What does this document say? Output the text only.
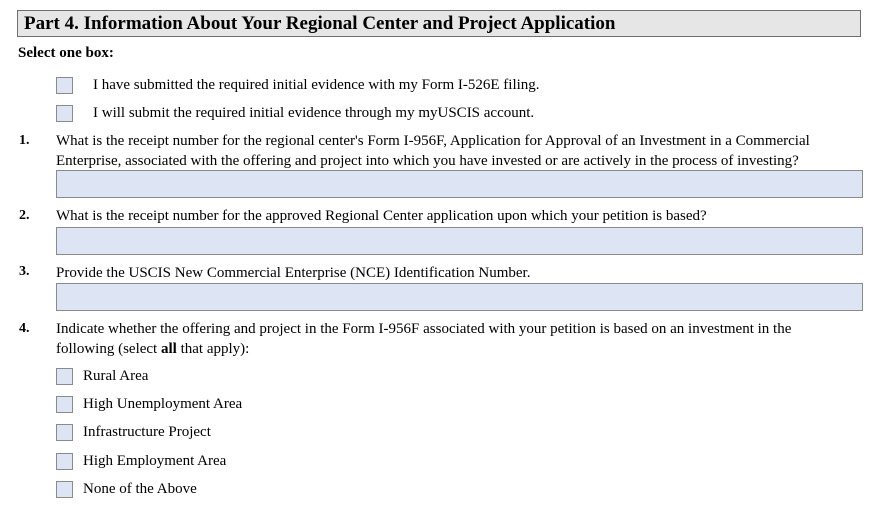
Part 4. Information About Your Regional Center and Project Application
Select one box:
I have submitted the required initial evidence with my Form I-526E filing.
I will submit the required initial evidence through my myUSCIS account.
1. What is the receipt number for the regional center's Form I-956F, Application for Approval of an Investment in a Commercial
Enterprise, associated with the offering and project into which you have invested or are actively in the process of investing?
2. What is the receipt number for the approved Regional Center application upon which your petition is based?
3. Provide the USCIS New Commercial Enterprise (NCE) Identification Number.
4. Indicate whether the offering and project in the Form I-956F associated with your petition is based on an investment in the
following (select all that apply):
Rural Area
High Unemployment Area
Infrastructure Project
High Employment Area
None of the Above
